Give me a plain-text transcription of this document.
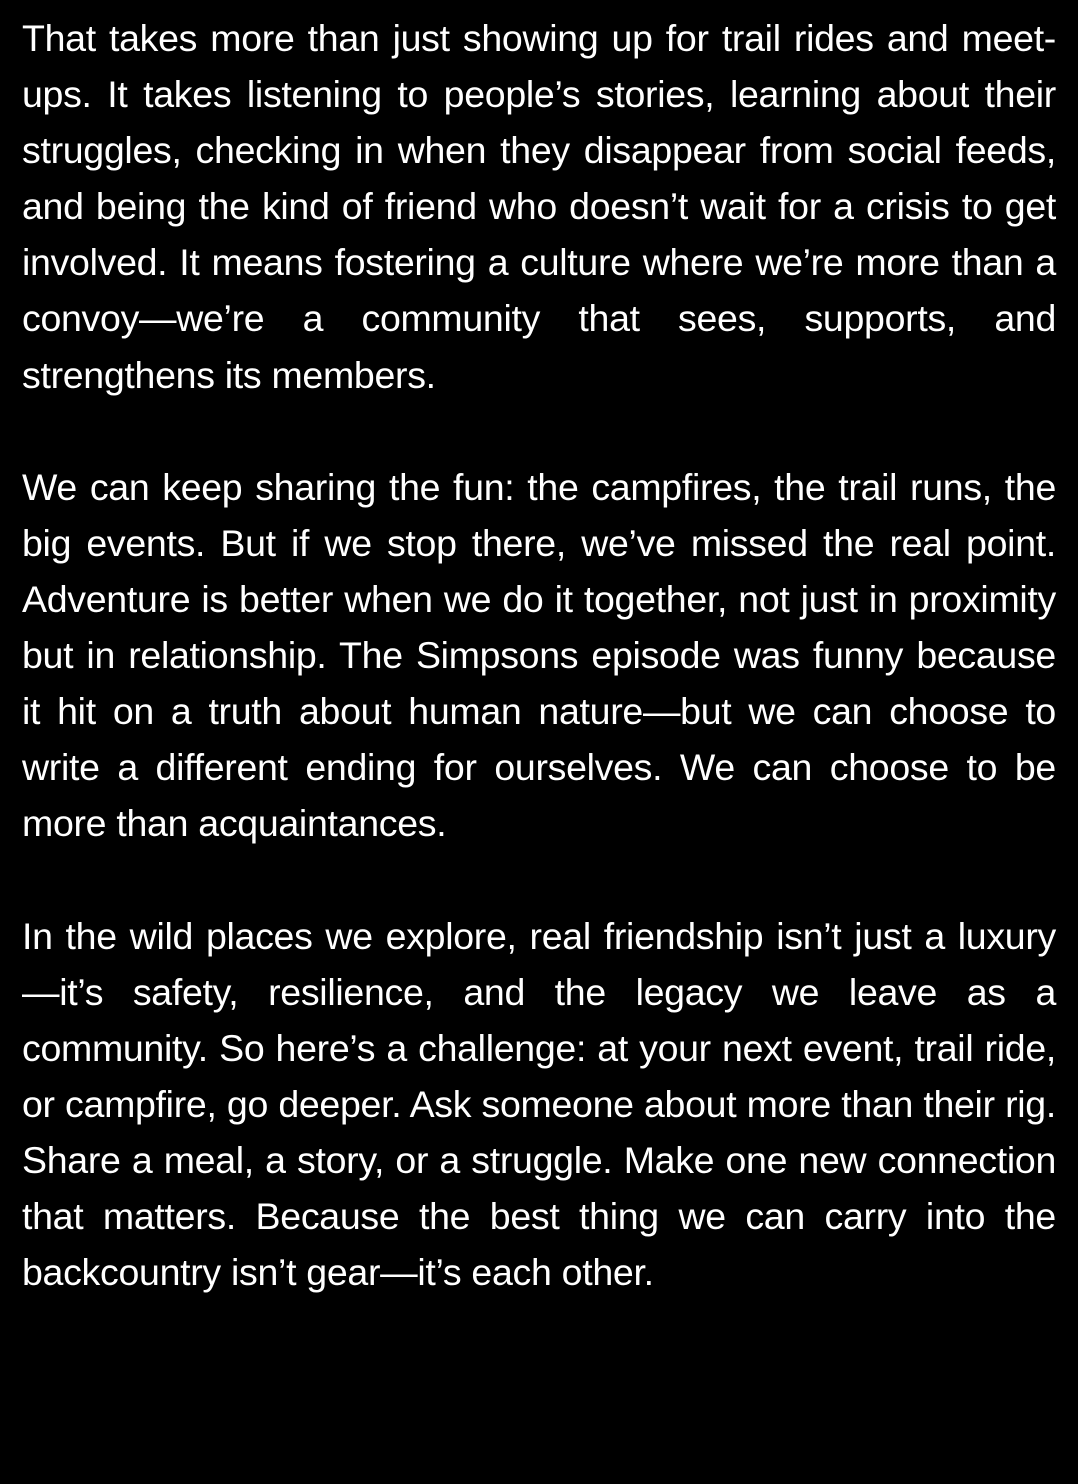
That takes more than just showing up for trail rides and meet-ups. It takes listening to people’s stories, learning about their struggles, checking in when they disappear from social feeds, and being the kind of friend who doesn’t wait for a crisis to get involved. It means fostering a culture where we’re more than a convoy—we’re a community that sees, supports, and strengthens its members.

We can keep sharing the fun: the campfires, the trail runs, the big events. But if we stop there, we’ve missed the real point. Adventure is better when we do it together, not just in proximity but in relationship. The Simpsons episode was funny because it hit on a truth about human nature—but we can choose to write a different ending for ourselves. We can choose to be more than acquaintances.

In the wild places we explore, real friendship isn’t just a luxury—it’s safety, resilience, and the legacy we leave as a community. So here’s a challenge: at your next event, trail ride, or campfire, go deeper. Ask someone about more than their rig. Share a meal, a story, or a struggle. Make one new connection that matters. Because the best thing we can carry into the backcountry isn’t gear—it’s each other.
